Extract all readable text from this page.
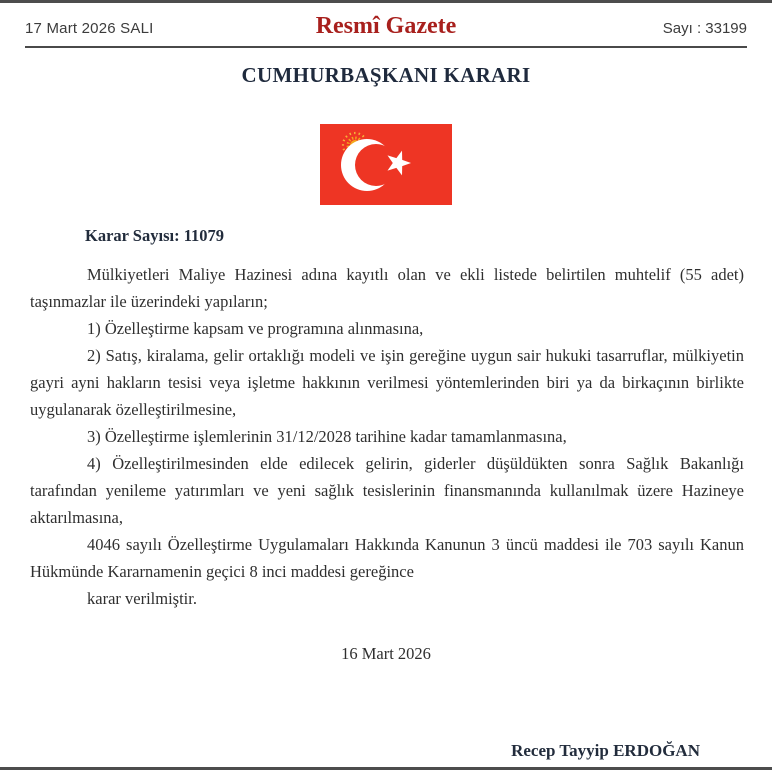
17 Mart 2026 SALI	Resmî Gazete	Sayı : 33199
CUMHURBAŞKANI KARARI
Karar Sayısı: 11079

Mülkiyetleri Maliye Hazinesi adına kayıtlı olan ve ekli listede belirtilen muhtelif (55 adet) taşınmazlar ile üzerindeki yapıların;

1) Özelleştirme kapsam ve programına alınmasına,

2) Satış, kiralama, gelir ortaklığı modeli ve işin gereğine uygun sair hukuki tasarruflar, mülkiyetin gayri ayni hakların tesisi veya işletme hakkının verilmesi yöntemlerinden biri ya da birkaçının birlikte uygulanarak özelleştirilmesine,

3) Özelleştirme işlemlerinin 31/12/2028 tarihine kadar tamamlanmasına,

4) Özelleştirilmesinden elde edilecek gelirin, giderler düşüldükten sonra Sağlık Bakanlığı tarafından yenileme yatırımları ve yeni sağlık tesislerinin finansmanında kullanılmak üzere Hazineye aktarılmasına,

4046 sayılı Özelleştirme Uygulamaları Hakkında Kanunun 3 üncü maddesi ile 703 sayılı Kanun Hükmünde Kararnamenin geçici 8 inci maddesi gereğince

karar verilmiştir.

16 Mart 2026
Recep Tayyip ERDOĞAN
